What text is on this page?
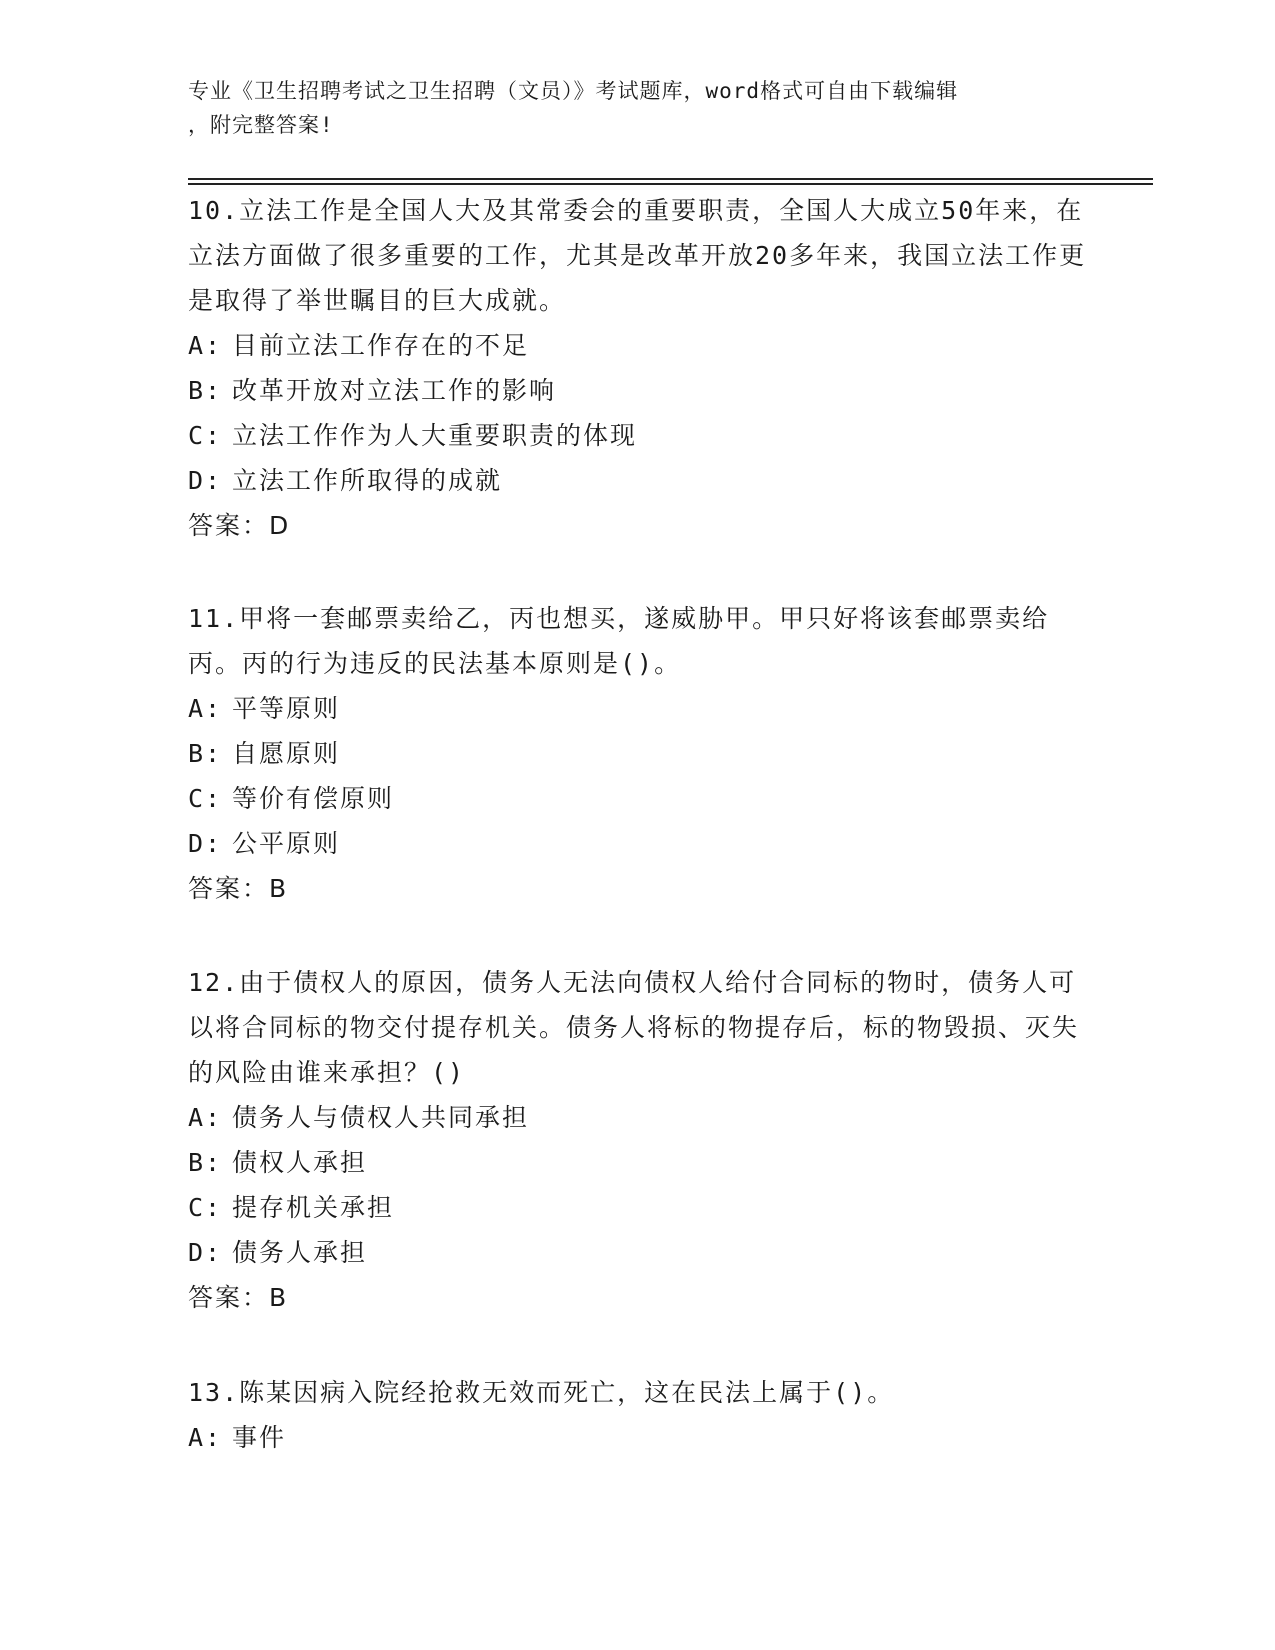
专业《卫生招聘考试之卫生招聘（文员）》考试题库，word格式可自由下载编辑
，附完整答案!

10.立法工作是全国人大及其常委会的重要职责，全国人大成立50年来，在立法方面做了很多重要的工作，尤其是改革开放20多年来，我国立法工作更是取得了举世瞩目的巨大成就。

A: 目前立法工作存在的不足

B: 改革开放对立法工作的影响

C: 立法工作作为人大重要职责的体现

D: 立法工作所取得的成就

答案：D

11.甲将一套邮票卖给乙，丙也想买，遂威胁甲。甲只好将该套邮票卖给丙。丙的行为违反的民法基本原则是()。

A: 平等原则

B: 自愿原则

C: 等价有偿原则

D: 公平原则

答案：B

12.由于债权人的原因，债务人无法向债权人给付合同标的物时，债务人可以将合同标的物交付提存机关。债务人将标的物提存后，标的物毁损、灭失的风险由谁来承担？()

A: 债务人与债权人共同承担

B: 债权人承担

C: 提存机关承担

D: 债务人承担

答案：B

13.陈某因病入院经抢救无效而死亡，这在民法上属于()。

A: 事件
